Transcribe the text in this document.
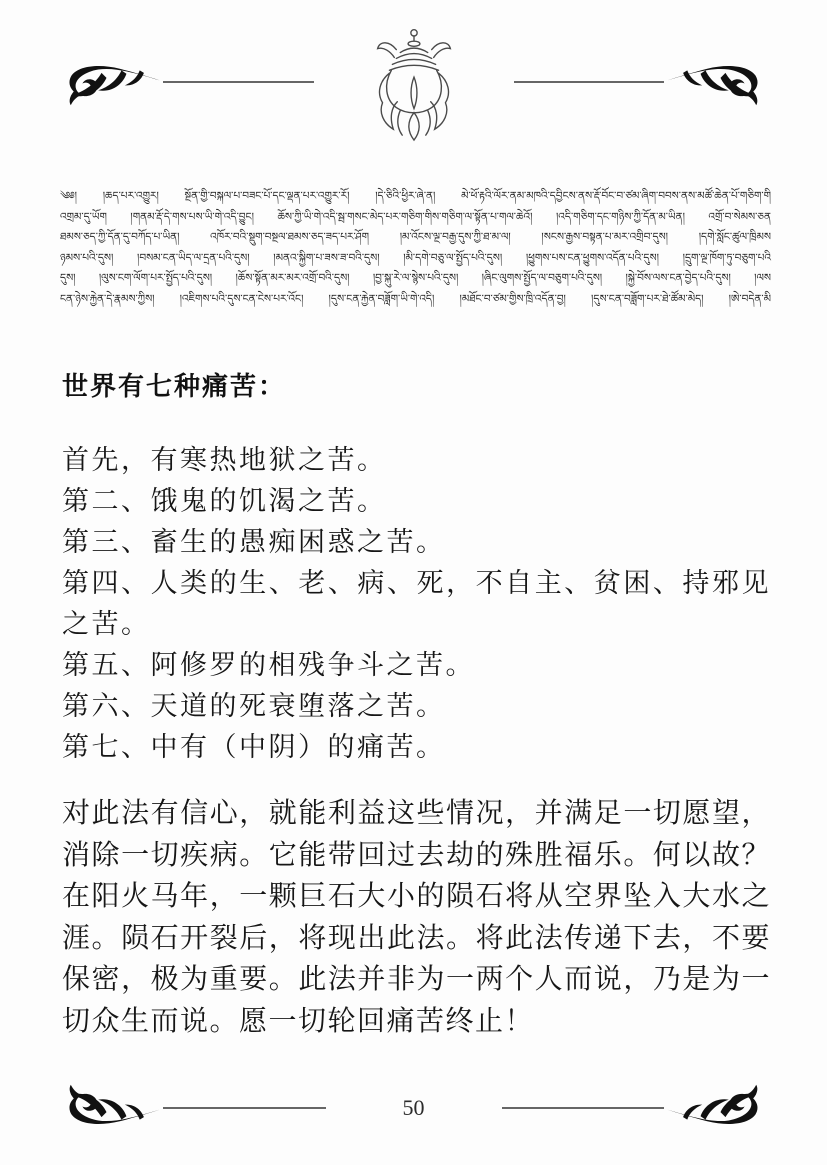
༄༅། །ཆད་པར་འགྱུར། སྔོན་གྱི་བསྐལ་པ་བཟང་པོ་དང་ལྡན་པར་འགྱུར་རོ། །དེ་ཅིའི་ཕྱིར་ཞེ་ན། མེ་ཕོ་རྟའི་ལོར་ནམ་མཁའི་དབྱིངས་ནས་རྡོ་བོང་བ་ཙམ་ཞིག་བབས་ནས་མཚོ་ཆེན་པོ་གཅིག་གི
འགྲམ་དུ་ཡོག །གནམ་རྡོ་དེ་གས་པས་ཡི་གེ་འདི་བྱུང། ཆོས་ཀྱི་ཡི་གེ་འདི་སྦ་གསང་མེད་པར་གཅིག་གིས་གཅིག་ལ་སྟོན་པ་གལ་ཆེའོ། །འདི་གཅིག་དང་གཉིས་ཀྱི་དོན་མ་ཡིན། འགྲོ་བ་སེམས་ཅན
ཐམས་ཅད་ཀྱི་དོན་དུ་བཀོད་པ་ཡིན། འཁོར་བའི་སྡུག་བསྔལ་ཐམས་ཅད་ཟད་པར་ཤོག །མ་འོངས་ལྔ་བརྒྱ་དུས་ཀྱི་ཐ་མ་ལ། །སངས་རྒྱས་བསྟན་པ་མར་འགྲིབ་དུས། །དགེ་སློང་ཚུལ་ཁྲིམས
ཉམས་པའི་དུས། །བསམ་ངན་ཡིད་ལ་དྲན་པའི་དུས། །མནའ་སྐྱིག་པ་ཟས་ཟ་བའི་དུས། །མི་དགེ་བཅུ་ལ་སྤྱོད་པའི་དུས། །ཕྱུགས་པས་ངན་ཕྱུགས་འདོན་པའི་དུས། །དྲུག་ལྔ་ཁོག་ཏུ་བཅུག་པའི
དུས། །ལུས་ངག་ལོག་པར་སྤྱོད་པའི་དུས། །ཆོས་སྟོན་མར་མར་འགྲོ་བའི་དུས། །བྱ་སྐུ་རེ་ལ་སྙེས་པའི་དུས། །ཞིང་ལུགས་སྤྱོད་ལ་བཅུག་པའི་དུས། །སྐྱེ་བོས་ལས་ངན་བྱེད་པའི་དུས། །ལས
ངན་ཉེས་རྐྱེན་དེ་རྣམས་ཀྱིས། །འཇིགས་པའི་དུས་ངན་ངེས་པར་འོང། །དུས་ངན་རྐྱེན་བཟློག་ཡི་གེ་འདི། །མཐོང་བ་ཙམ་གྱིས་ཁྲི་འདོན་བྱ། །དུས་ངན་བཟློག་པར་ཐེ་ཚོམ་མེད། །ཨེ་བདེན་མི
世界有七种痛苦：

首先，有寒热地狱之苦。

第二、饿鬼的饥渴之苦。

第三、畜生的愚痴困惑之苦。

第四、人类的生、老、病、死，不自主、贫困、持邪见之苦。

第五、阿修罗的相残争斗之苦。

第六、天道的死衰堕落之苦。

第七、中有（中阴）的痛苦。

对此法有信心，就能利益这些情况，并满足一切愿望，消除一切疾病。它能带回过去劫的殊胜福乐。何以故？在阳火马年，一颗巨石大小的陨石将从空界坠入大水之涯。陨石开裂后，将现出此法。将此法传递下去，不要保密，极为重要。此法并非为一两个人而说，乃是为一切众生而说。愿一切轮回痛苦终止！

50
